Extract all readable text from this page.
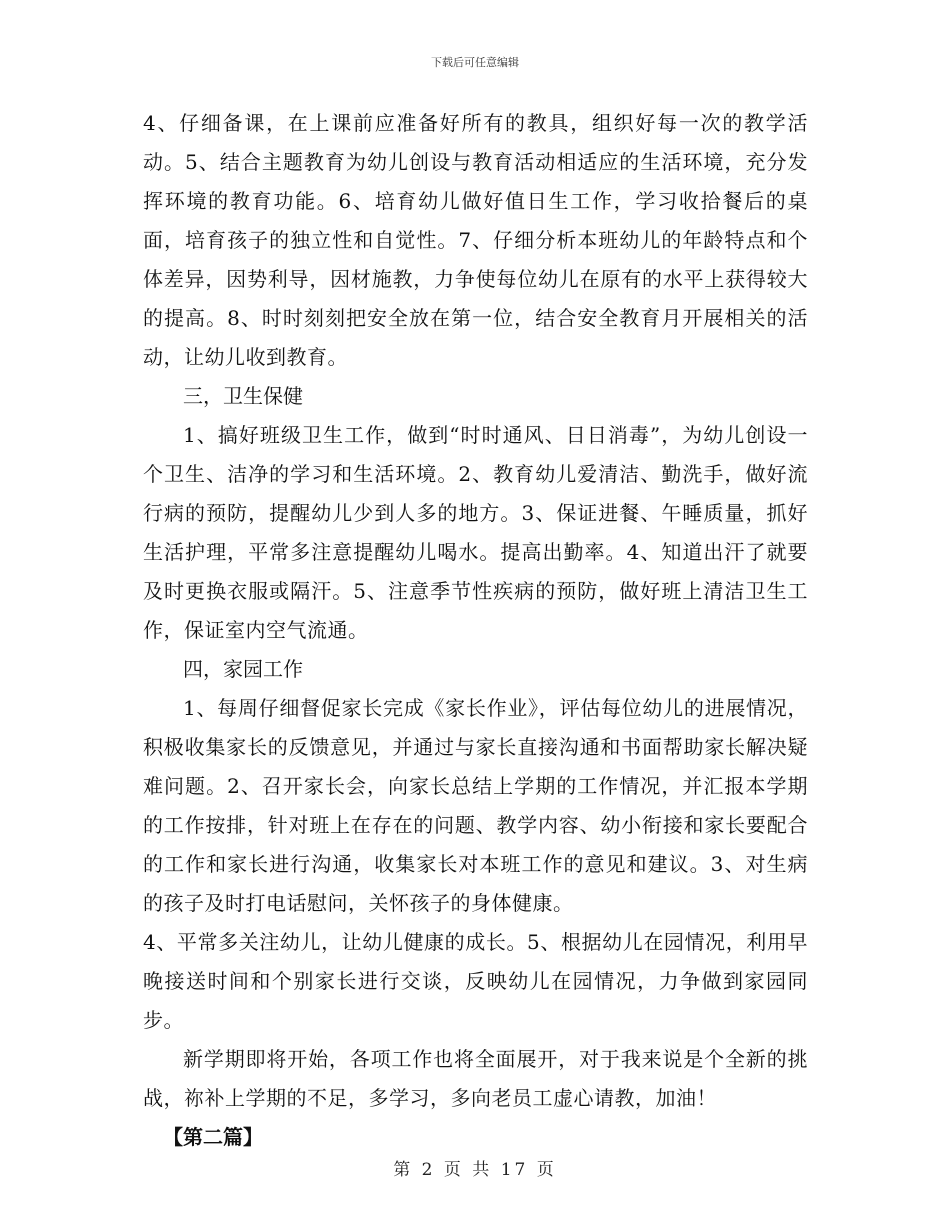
下载后可任意编辑

4、仔细备课，在上课前应准备好所有的教具，组织好每一次的教学活动。5、结合主题教育为幼儿创设与教育活动相适应的生活环境，充分发挥环境的教育功能。6、培育幼儿做好值日生工作，学习收拾餐后的桌面，培育孩子的独立性和自觉性。7、仔细分析本班幼儿的年龄特点和个体差异，因势利导，因材施教，力争使每位幼儿在原有的水平上获得较大的提高。8、时时刻刻把安全放在第一位，结合安全教育月开展相关的活动，让幼儿收到教育。

三，卫生保健

1、搞好班级卫生工作，做到“时时通风、日日消毒”，为幼儿创设一个卫生、洁净的学习和生活环境。2、教育幼儿爱清洁、勤洗手，做好流行病的预防，提醒幼儿少到人多的地方。3、保证进餐、午睡质量，抓好生活护理，平常多注意提醒幼儿喝水。提高出勤率。4、知道出汗了就要及时更换衣服或隔汗。5、注意季节性疾病的预防，做好班上清洁卫生工作，保证室内空气流通。

四，家园工作

1、每周仔细督促家长完成《家长作业》，评估每位幼儿的进展情况，积极收集家长的反馈意见，并通过与家长直接沟通和书面帮助家长解决疑难问题。2、召开家长会，向家长总结上学期的工作情况，并汇报本学期的工作按排，针对班上在存在的问题、教学内容、幼小衔接和家长要配合的工作和家长进行沟通，收集家长对本班工作的意见和建议。3、对生病的孩子及时打电话慰问，关怀孩子的身体健康。

4、平常多关注幼儿，让幼儿健康的成长。5、根据幼儿在园情况，利用早晚接送时间和个别家长进行交谈，反映幼儿在园情况，力争做到家园同步。

新学期即将开始，各项工作也将全面展开，对于我来说是个全新的挑战，祢补上学期的不足，多学习，多向老员工虚心请教，加油！

【第二篇】

第 2 页 共 17 页
